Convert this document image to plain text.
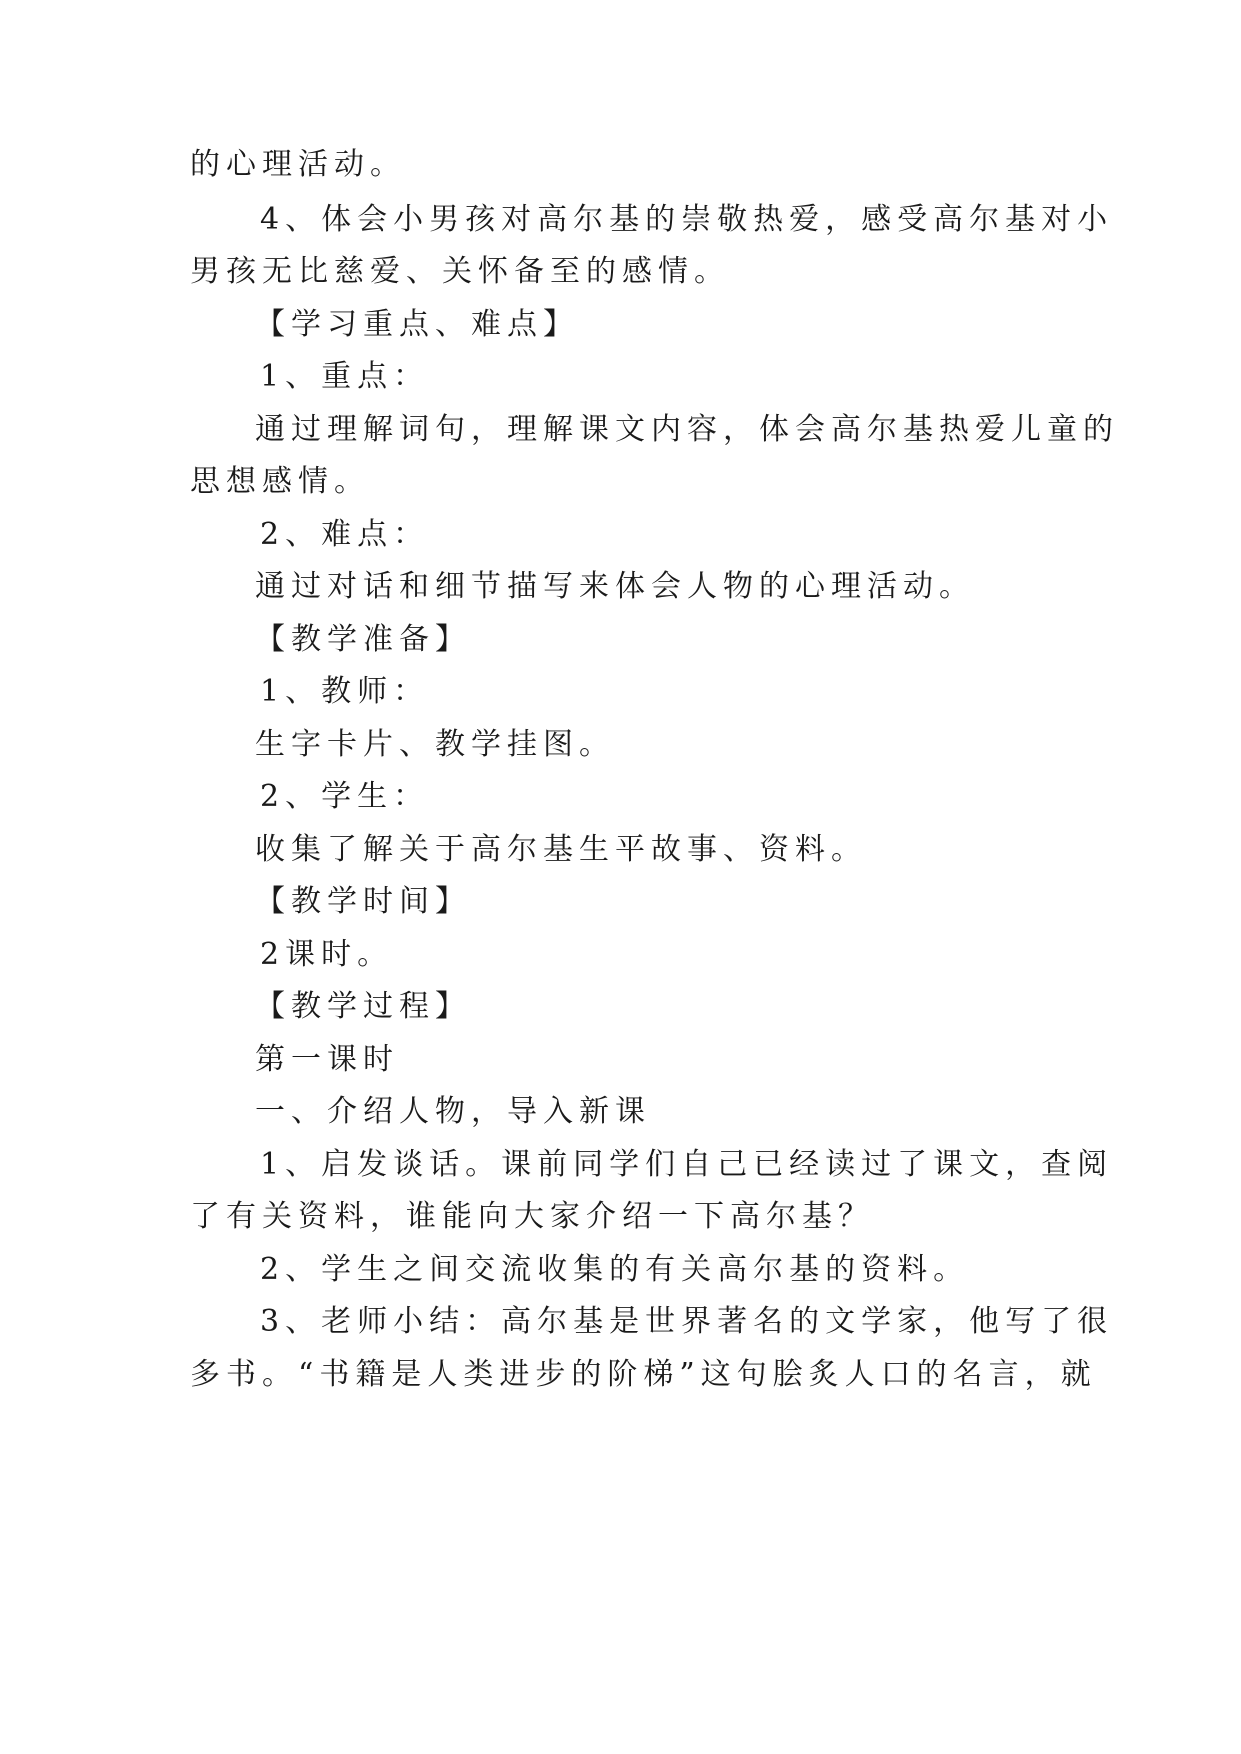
的心理活动。
4、体会小男孩对高尔基的崇敬热爱，感受高尔基对小
男孩无比慈爱、关怀备至的感情。
【学习重点、难点】
1、重点：
通过理解词句，理解课文内容，体会高尔基热爱儿童的
思想感情。
2、难点：
通过对话和细节描写来体会人物的心理活动。
【教学准备】
1、教师：
生字卡片、教学挂图。
2、学生：
收集了解关于高尔基生平故事、资料。
【教学时间】
2课时。
【教学过程】
第一课时
一、介绍人物，导入新课
1、启发谈话。课前同学们自己已经读过了课文，查阅
了有关资料，谁能向大家介绍一下高尔基？
2、学生之间交流收集的有关高尔基的资料。
3、老师小结：高尔基是世界著名的文学家，他写了很
多书。“书籍是人类进步的阶梯”这句脍炙人口的名言，就
